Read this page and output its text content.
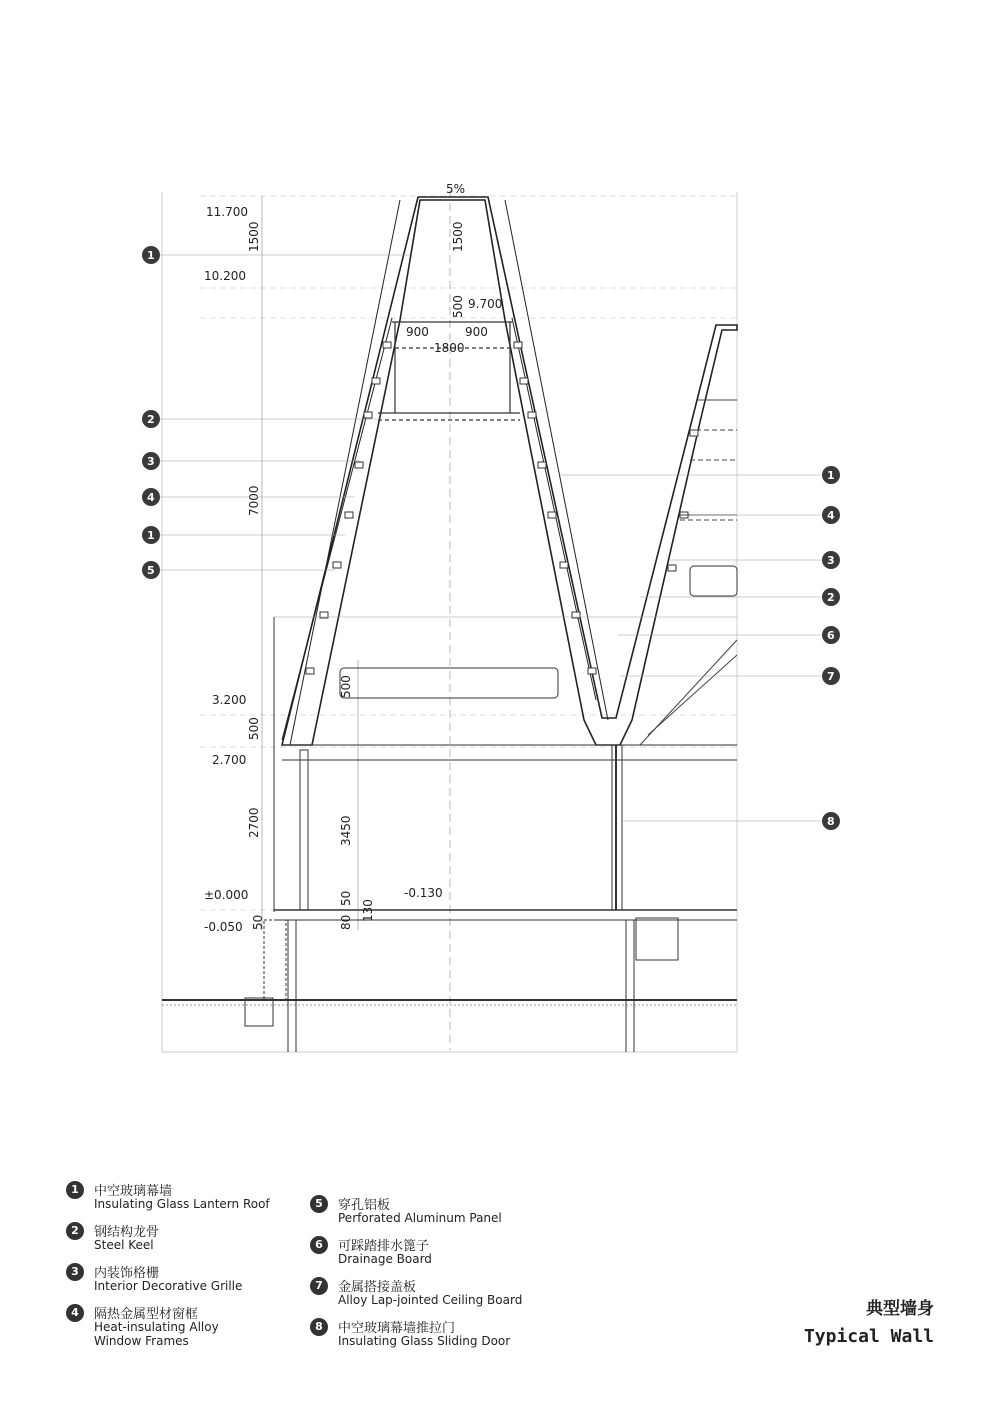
5%
11.700
10.200
9.700
3.200
2.700
±0.000
-0.050
-0.130
1500	1500
500
900	900
1800
7000
500
500
2700	3450
50	80
50
130
1
2
3
4
1
5
1
4
3
2
6
7
8
1	中空玻璃幕墙
Insulating Glass Lantern Roof
2	钢结构龙骨
Steel Keel
3	内装饰格栅
Interior Decorative Grille
4	隔热金属型材窗框
Heat-insulating Alloy
Window Frames
5	穿孔铝板
Perforated Aluminum Panel
6	可踩踏排水篦子
Drainage Board
7	金属搭接盖板
Alloy Lap-jointed Ceiling Board
8	中空玻璃幕墙推拉门
Insulating Glass Sliding Door
典型墙身
Typical Wall
